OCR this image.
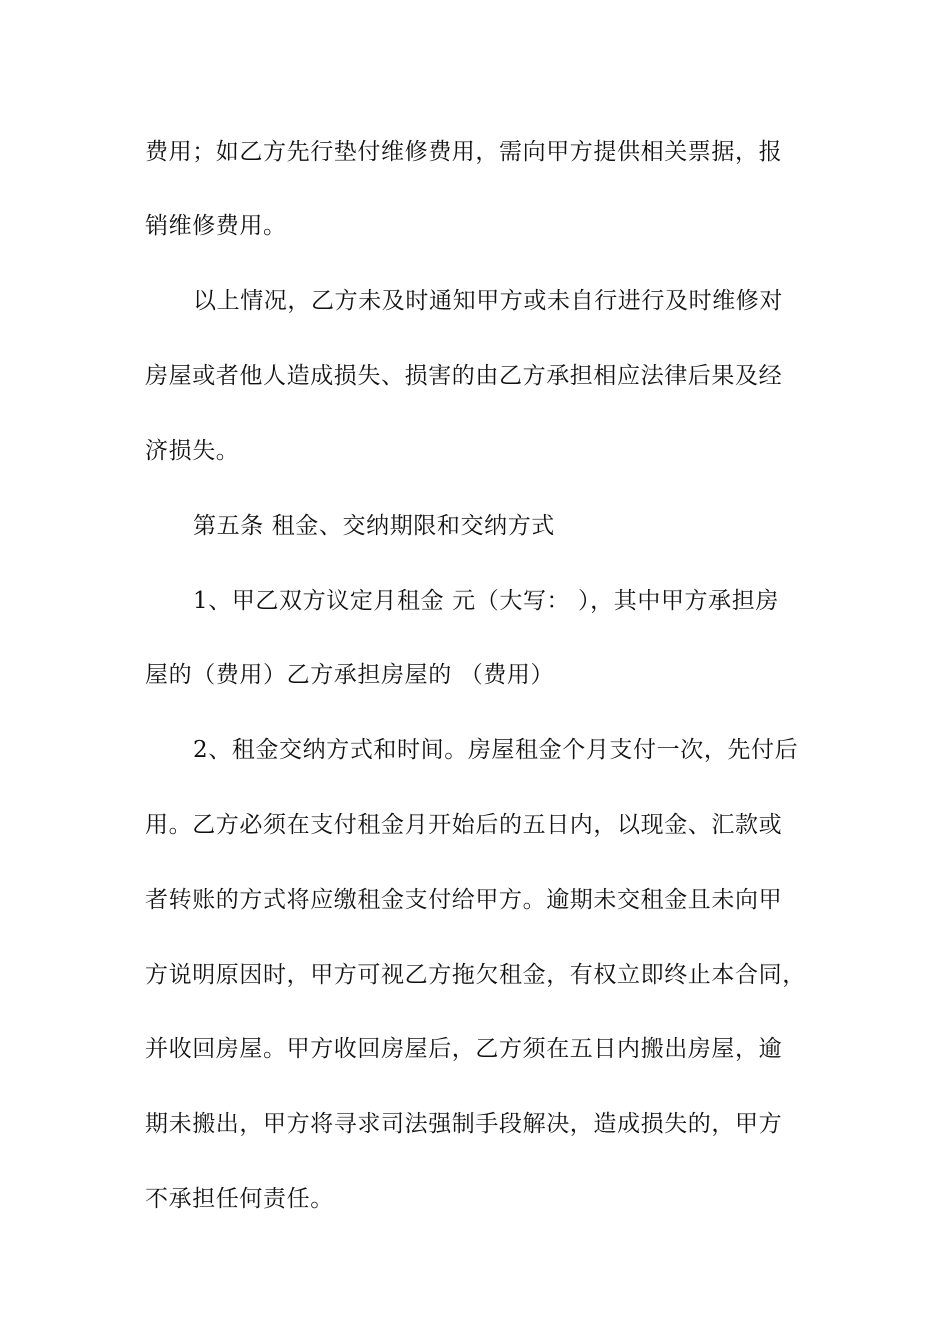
费用；如乙方先行垫付维修费用，需向甲方提供相关票据，报
销维修费用。
以上情况，乙方未及时通知甲方或未自行进行及时维修对
房屋或者他人造成损失、损害的由乙方承担相应法律后果及经
济损失。
第五条 租金、交纳期限和交纳方式
1、甲乙双方议定月租金 元（大写： ），其中甲方承担房
屋的（费用）乙方承担房屋的 （费用）
2、租金交纳方式和时间。房屋租金个月支付一次，先付后
用。乙方必须在支付租金月开始后的五日内，以现金、汇款或
者转账的方式将应缴租金支付给甲方。逾期未交租金且未向甲
方说明原因时，甲方可视乙方拖欠租金，有权立即终止本合同，
并收回房屋。甲方收回房屋后，乙方须在五日内搬出房屋，逾
期未搬出，甲方将寻求司法强制手段解决，造成损失的，甲方
不承担任何责任。
